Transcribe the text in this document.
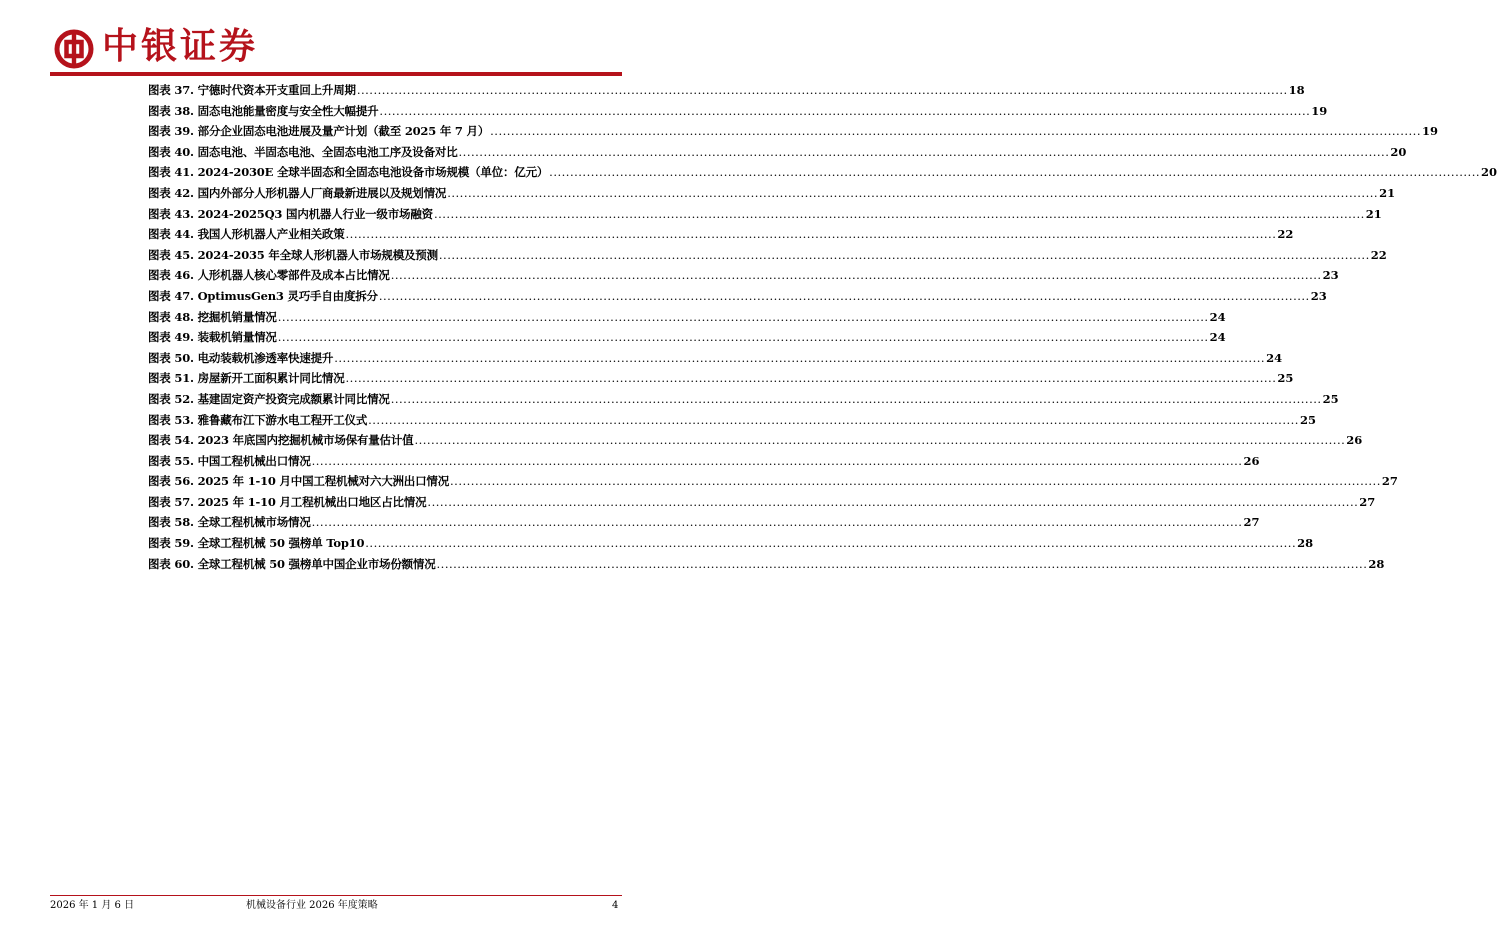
中银证券
图表 37. 宁德时代资本开支重回上升周期 .....	18
图表 38. 固态电池能量密度与安全性大幅提升 .....	19
图表 39. 部分企业固态电池进展及量产计划（截至 2025 年 7 月） .....	19
图表 40. 固态电池、半固态电池、全固态电池工序及设备对比 .....	20
图表 41. 2024-2030E 全球半固态和全固态电池设备市场规模（单位：亿元） .....	20
图表 42. 国内外部分人形机器人厂商最新进展以及规划情况 .....	21
图表 43. 2024-2025Q3 国内机器人行业一级市场融资 .....	21
图表 44. 我国人形机器人产业相关政策 .....	22
图表 45. 2024-2035 年全球人形机器人市场规模及预测 .....	22
图表 46. 人形机器人核心零部件及成本占比情况 .....	23
图表 47. OptimusGen3 灵巧手自由度拆分 .....	23
图表 48. 挖掘机销量情况 .....	24
图表 49. 装载机销量情况 .....	24
图表 50. 电动装载机渗透率快速提升 .....	24
图表 51. 房屋新开工面积累计同比情况 .....	25
图表 52. 基建固定资产投资完成额累计同比情况 .....	25
图表 53. 雅鲁藏布江下游水电工程开工仪式 .....	25
图表 54. 2023 年底国内挖掘机械市场保有量估计值 .....	26
图表 55. 中国工程机械出口情况 .....	26
图表 56. 2025 年 1-10 月中国工程机械对六大洲出口情况 .....	27
图表 57. 2025 年 1-10 月工程机械出口地区占比情况 .....	27
图表 58. 全球工程机械市场情况 .....	27
图表 59. 全球工程机械 50 强榜单 Top10 .....	28
图表 60. 全球工程机械 50 强榜单中国企业市场份额情况 .....	28
2026 年 1 月 6 日	机械设备行业 2026 年度策略	4
